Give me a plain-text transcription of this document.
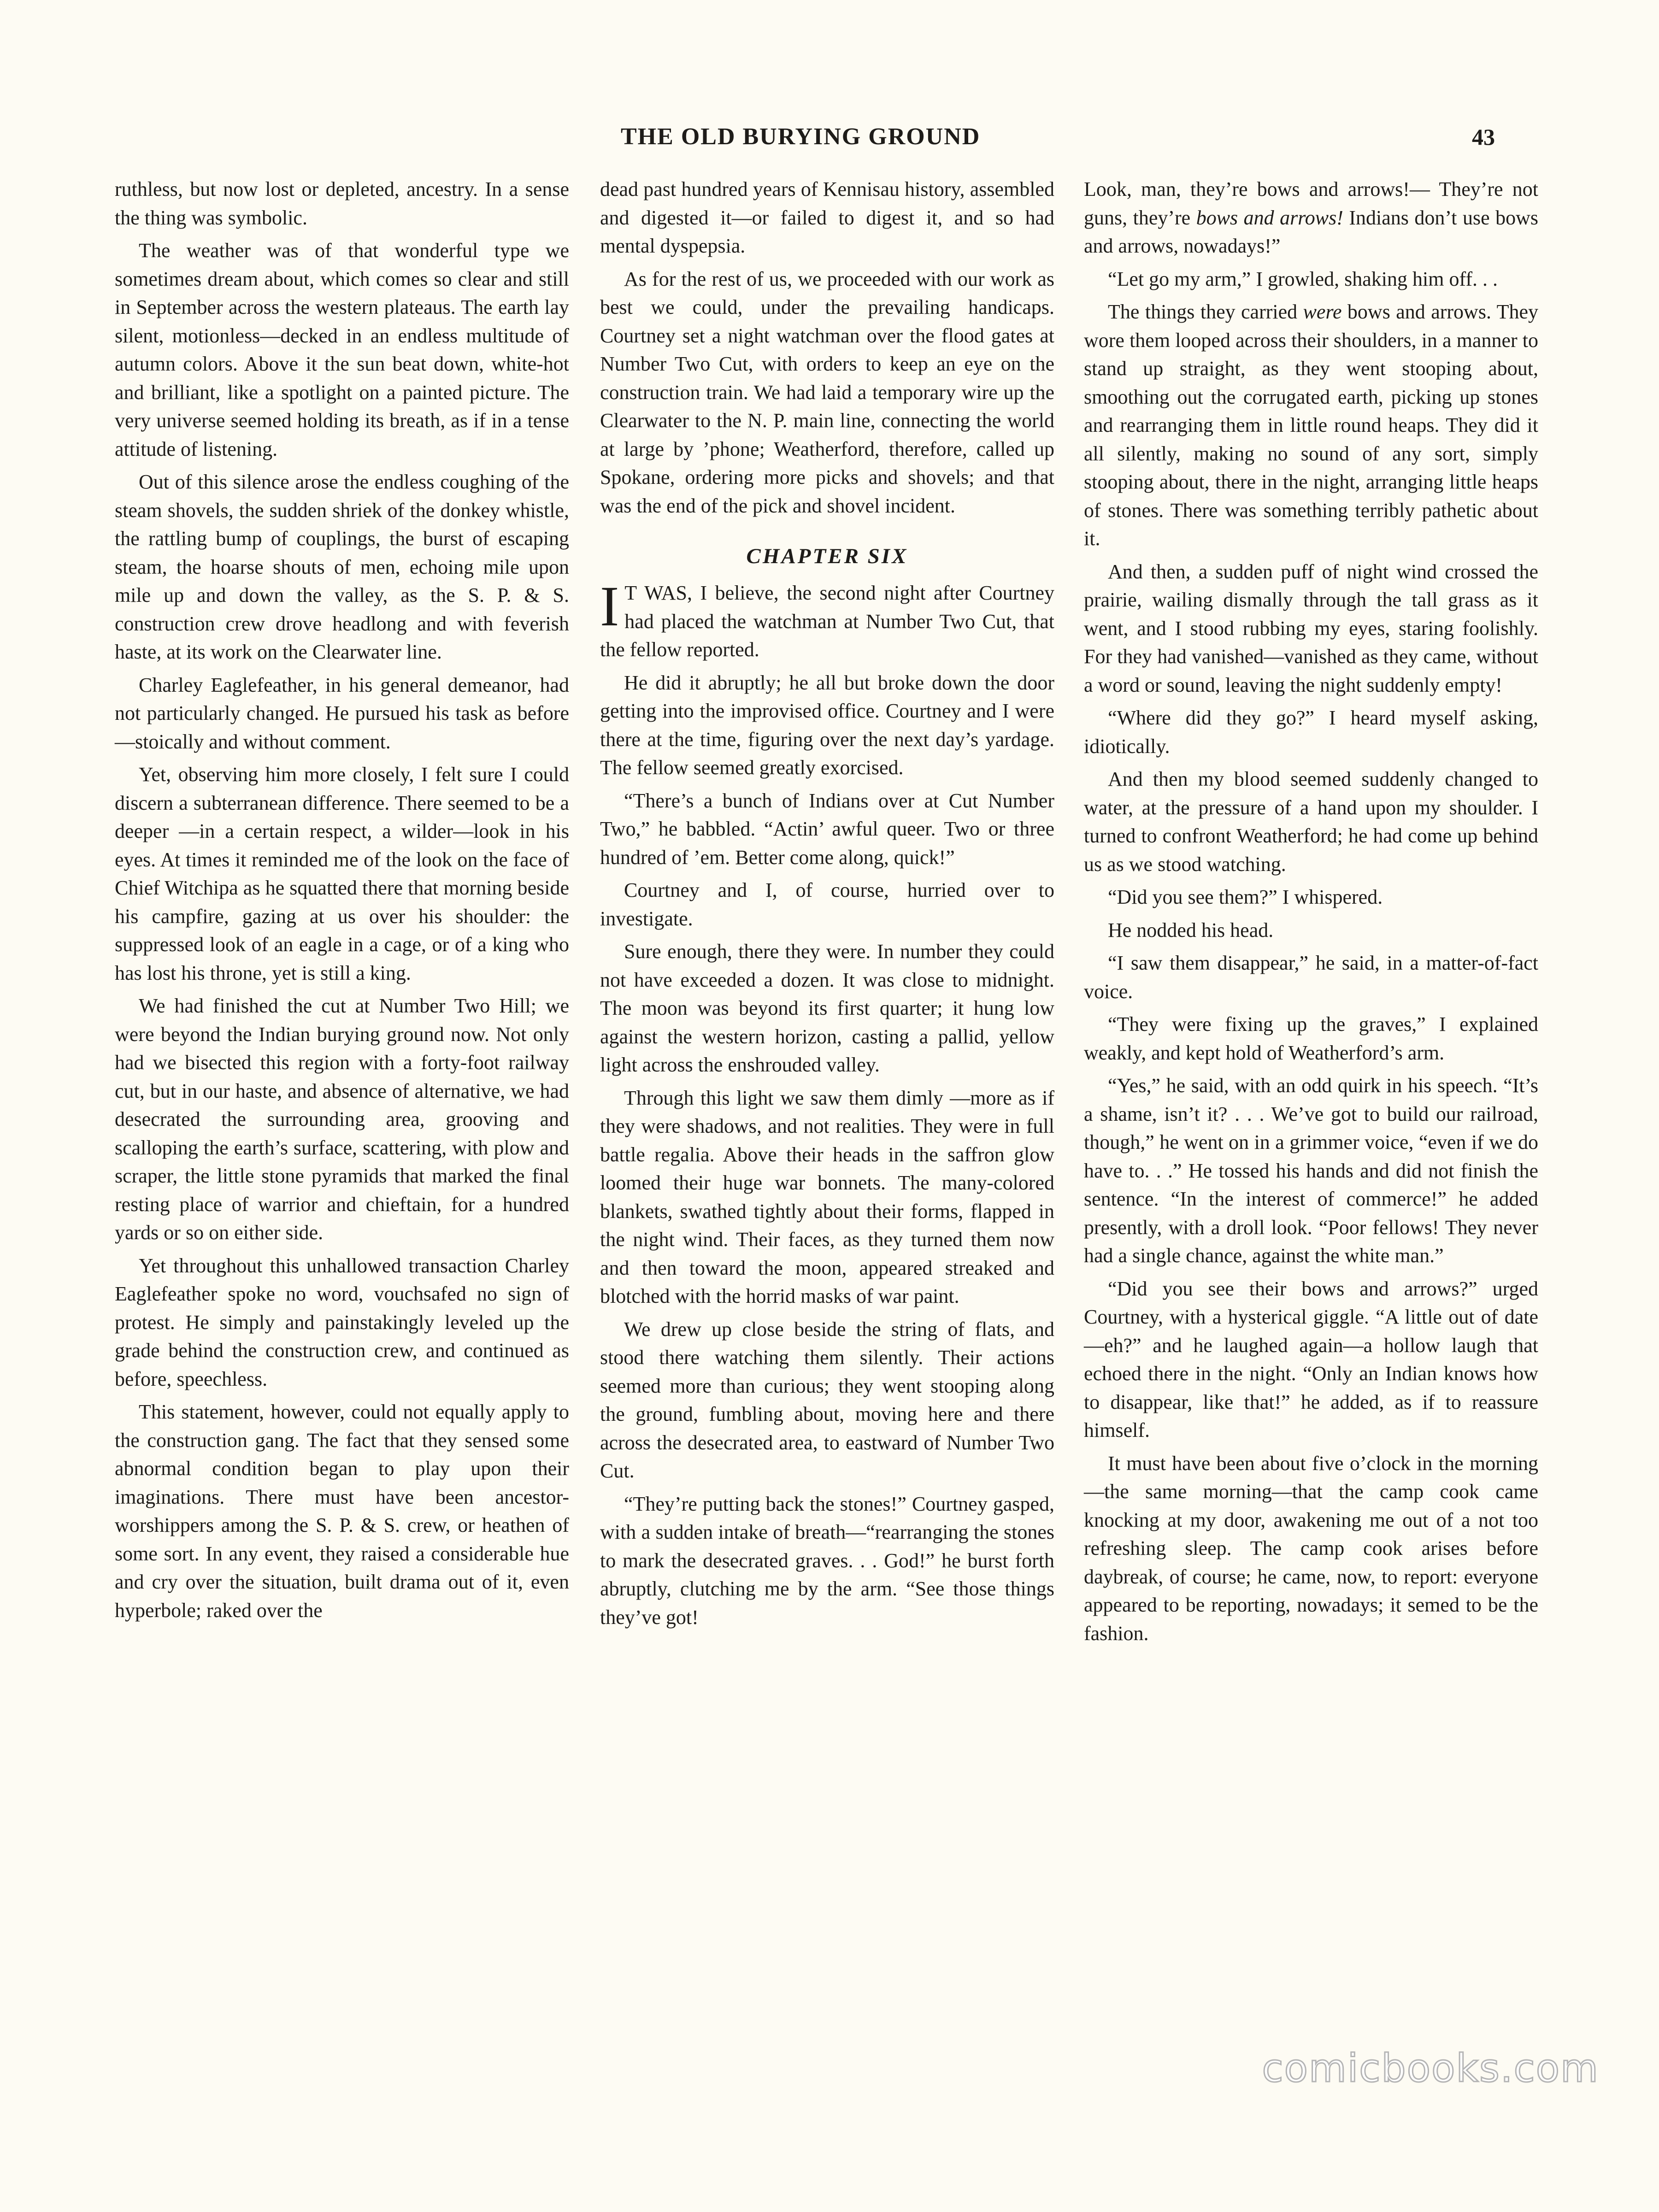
THE OLD BURYING GROUND	43

ruthless, but now lost or depleted, ancestry. In a sense the thing was symbolic.

The weather was of that wonderful type we sometimes dream about, which comes so clear and still in September across the western plateaus. The earth lay silent, motionless—decked in an endless multitude of autumn colors. Above it the sun beat down, white-hot and brilliant, like a spotlight on a painted picture. The very universe seemed holding its breath, as if in a tense attitude of listening.

Out of this silence arose the endless coughing of the steam shovels, the sudden shriek of the donkey whistle, the rattling bump of couplings, the burst of escaping steam, the hoarse shouts of men, echoing mile upon mile up and down the valley, as the S. P. & S. construction crew drove headlong and with feverish haste, at its work on the Clearwater line.

Charley Eaglefeather, in his general demeanor, had not particularly changed. He pursued his task as before—stoically and without comment.

Yet, observing him more closely, I felt sure I could discern a subterranean difference. There seemed to be a deeper —in a certain respect, a wilder—look in his eyes. At times it reminded me of the look on the face of Chief Witchipa as he squatted there that morning beside his campfire, gazing at us over his shoulder: the suppressed look of an eagle in a cage, or of a king who has lost his throne, yet is still a king.

We had finished the cut at Number Two Hill; we were beyond the Indian burying ground now. Not only had we bisected this region with a forty-foot railway cut, but in our haste, and absence of alternative, we had desecrated the surrounding area, grooving and scalloping the earth’s surface, scattering, with plow and scraper, the little stone pyramids that marked the final resting place of warrior and chieftain, for a hundred yards or so on either side.

Yet throughout this unhallowed transaction Charley Eaglefeather spoke no word, vouchsafed no sign of protest. He simply and painstakingly leveled up the grade behind the construction crew, and continued as before, speechless.

This statement, however, could not equally apply to the construction gang. The fact that they sensed some abnormal condition began to play upon their imaginations. There must have been ancestor-worshippers among the S. P. & S. crew, or heathen of some sort. In any event, they raised a considerable hue and cry over the situation, built drama out of it, even hyperbole; raked over the

dead past hundred years of Kennisau history, assembled and digested it—or failed to digest it, and so had mental dyspepsia.

As for the rest of us, we proceeded with our work as best we could, under the prevailing handicaps. Courtney set a night watchman over the flood gates at Number Two Cut, with orders to keep an eye on the construction train. We had laid a temporary wire up the Clearwater to the N. P. main line, connecting the world at large by ’phone; Weatherford, therefore, called up Spokane, ordering more picks and shovels; and that was the end of the pick and shovel incident.

CHAPTER SIX

I T WAS, I believe, the second night after Courtney had placed the watchman at Number Two Cut, that the fellow reported.

He did it abruptly; he all but broke down the door getting into the improvised office. Courtney and I were there at the time, figuring over the next day’s yardage. The fellow seemed greatly exorcised.

“There’s a bunch of Indians over at Cut Number Two,” he babbled. “Actin’ awful queer. Two or three hundred of ’em. Better come along, quick!”

Courtney and I, of course, hurried over to investigate.

Sure enough, there they were. In number they could not have exceeded a dozen. It was close to midnight. The moon was beyond its first quarter; it hung low against the western horizon, casting a pallid, yellow light across the enshrouded valley.

Through this light we saw them dimly —more as if they were shadows, and not realities. They were in full battle regalia. Above their heads in the saffron glow loomed their huge war bonnets. The many-colored blankets, swathed tightly about their forms, flapped in the night wind. Their faces, as they turned them now and then toward the moon, appeared streaked and blotched with the horrid masks of war paint.

We drew up close beside the string of flats, and stood there watching them silently. Their actions seemed more than curious; they went stooping along the ground, fumbling about, moving here and there across the desecrated area, to eastward of Number Two Cut.

“They’re putting back the stones!” Courtney gasped, with a sudden intake of breath—“rearranging the stones to mark the desecrated graves. . . God!” he burst forth abruptly, clutching me by the arm. “See those things they’ve got!

Look, man, they’re bows and arrows!— They’re not guns, they’re bows and arrows! Indians don’t use bows and arrows, nowadays!”

“Let go my arm,” I growled, shaking him off. . .

The things they carried were bows and arrows. They wore them looped across their shoulders, in a manner to stand up straight, as they went stooping about, smoothing out the corrugated earth, picking up stones and rearranging them in little round heaps. They did it all silently, making no sound of any sort, simply stooping about, there in the night, arranging little heaps of stones. There was something terribly pathetic about it.

And then, a sudden puff of night wind crossed the prairie, wailing dismally through the tall grass as it went, and I stood rubbing my eyes, staring foolishly. For they had vanished—vanished as they came, without a word or sound, leaving the night suddenly empty!

“Where did they go?” I heard myself asking, idiotically.

And then my blood seemed suddenly changed to water, at the pressure of a hand upon my shoulder. I turned to confront Weatherford; he had come up behind us as we stood watching.

“Did you see them?” I whispered.

He nodded his head.

“I saw them disappear,” he said, in a matter-of-fact voice.

“They were fixing up the graves,” I explained weakly, and kept hold of Weatherford’s arm.

“Yes,” he said, with an odd quirk in his speech. “It’s a shame, isn’t it? . . . We’ve got to build our railroad, though,” he went on in a grimmer voice, “even if we do have to. . .” He tossed his hands and did not finish the sentence. “In the interest of commerce!” he added presently, with a droll look. “Poor fellows! They never had a single chance, against the white man.”

“Did you see their bows and arrows?” urged Courtney, with a hysterical giggle. “A little out of date—eh?” and he laughed again—a hollow laugh that echoed there in the night. “Only an Indian knows how to disappear, like that!” he added, as if to reassure himself.

It must have been about five o’clock in the morning—the same morning—that the camp cook came knocking at my door, awakening me out of a not too refreshing sleep. The camp cook arises before daybreak, of course; he came, now, to report: everyone appeared to be reporting, nowadays; it semed to be the fashion.

comicbooks.com
